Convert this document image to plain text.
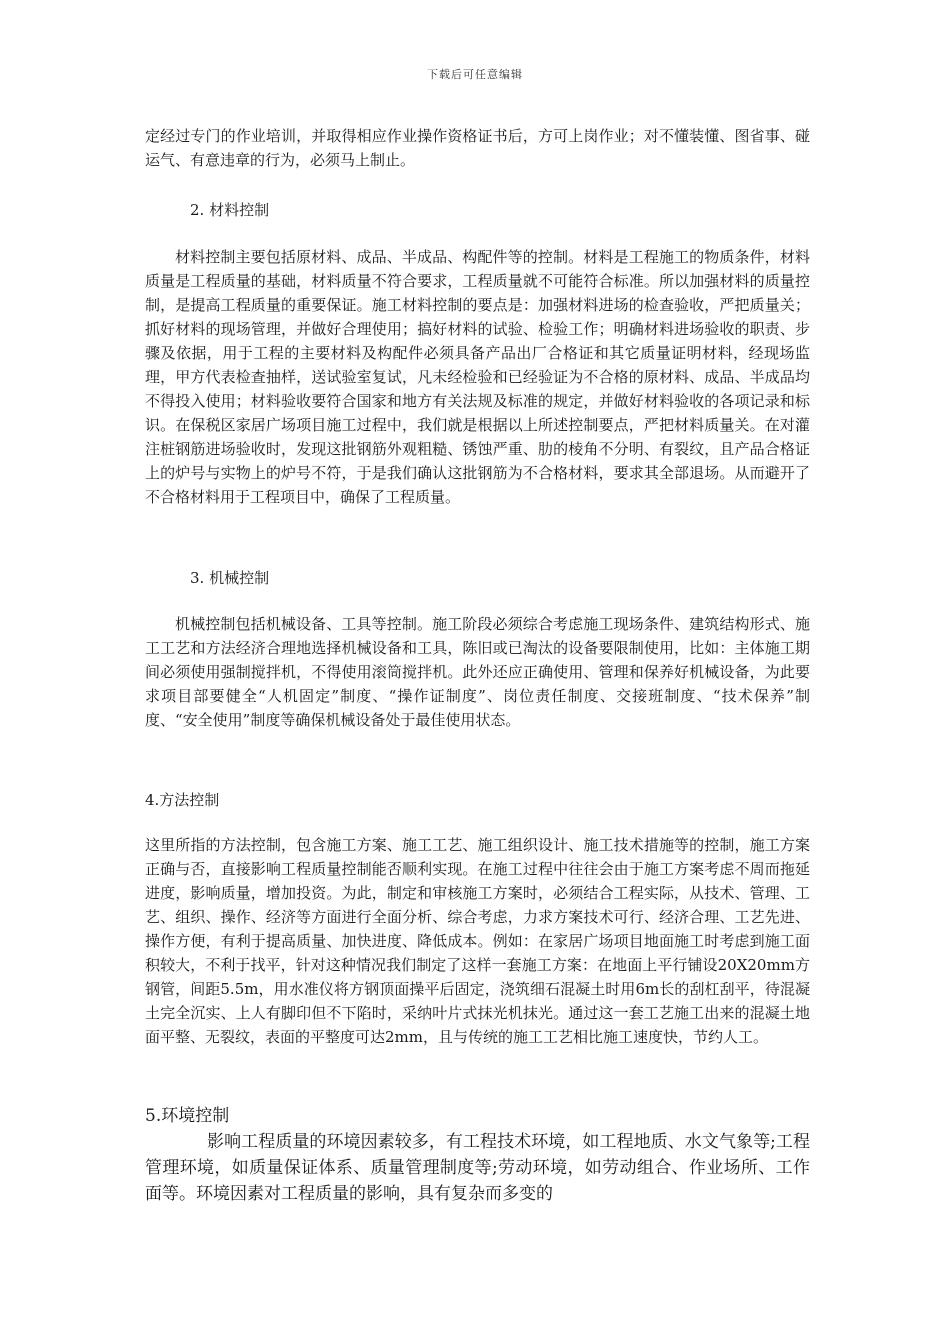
下载后可任意编辑
定经过专门的作业培训，并取得相应作业操作资格证书后，方可上岗作业；对不懂装懂、图省事、碰运气、有意违章的行为，必须马上制止。
2. 材料控制
材料控制主要包括原材料、成品、半成品、构配件等的控制。材料是工程施工的物质条件，材料质量是工程质量的基础，材料质量不符合要求，工程质量就不可能符合标准。所以加强材料的质量控制，是提高工程质量的重要保证。施工材料控制的要点是：加强材料进场的检查验收，严把质量关；抓好材料的现场管理，并做好合理使用；搞好材料的试验、检验工作；明确材料进场验收的职责、步骤及依据，用于工程的主要材料及构配件必须具备产品出厂合格证和其它质量证明材料，经现场监理，甲方代表检查抽样，送试验室复试，凡未经检验和已经验证为不合格的原材料、成品、半成品均不得投入使用；材料验收要符合国家和地方有关法规及标准的规定，并做好材料验收的各项记录和标识。在保税区家居广场项目施工过程中，我们就是根据以上所述控制要点，严把材料质量关。在对灌注桩钢筋进场验收时，发现这批钢筋外观粗糙、锈蚀严重、肋的棱角不分明、有裂纹，且产品合格证上的炉号与实物上的炉号不符，于是我们确认这批钢筋为不合格材料，要求其全部退场。从而避开了不合格材料用于工程项目中，确保了工程质量。
3. 机械控制
机械控制包括机械设备、工具等控制。施工阶段必须综合考虑施工现场条件、建筑结构形式、施工工艺和方法经济合理地选择机械设备和工具，陈旧或已淘汰的设备要限制使用，比如：主体施工期间必须使用强制搅拌机，不得使用滚筒搅拌机。此外还应正确使用、管理和保养好机械设备，为此要求项目部要健全“人机固定”制度、“操作证制度”、岗位责任制度、交接班制度、“技术保养”制度、“安全使用”制度等确保机械设备处于最佳使用状态。
4.方法控制
这里所指的方法控制，包含施工方案、施工工艺、施工组织设计、施工技术措施等的控制，施工方案正确与否，直接影响工程质量控制能否顺利实现。在施工过程中往往会由于施工方案考虑不周而拖延进度，影响质量，增加投资。为此，制定和审核施工方案时，必须结合工程实际，从技术、管理、工艺、组织、操作、经济等方面进行全面分析、综合考虑，力求方案技术可行、经济合理、工艺先进、操作方便，有利于提高质量、加快进度、降低成本。例如：在家居广场项目地面施工时考虑到施工面积较大，不利于找平，针对这种情况我们制定了这样一套施工方案：在地面上平行铺设20X20mm方钢管，间距5.5m，用水准仪将方钢顶面操平后固定，浇筑细石混凝土时用6m长的刮杠刮平，待混凝土完全沉实、上人有脚印但不下陷时，采纳叶片式抹光机抹光。通过这一套工艺施工出来的混凝土地面平整、无裂纹，表面的平整度可达2mm，且与传统的施工工艺相比施工速度快，节约人工。
5.环境控制
影响工程质量的环境因素较多，有工程技术环境，如工程地质、水文气象等;工程管理环境，如质量保证体系、质量管理制度等;劳动环境，如劳动组合、作业场所、工作面等。环境因素对工程质量的影响，具有复杂而多变的
